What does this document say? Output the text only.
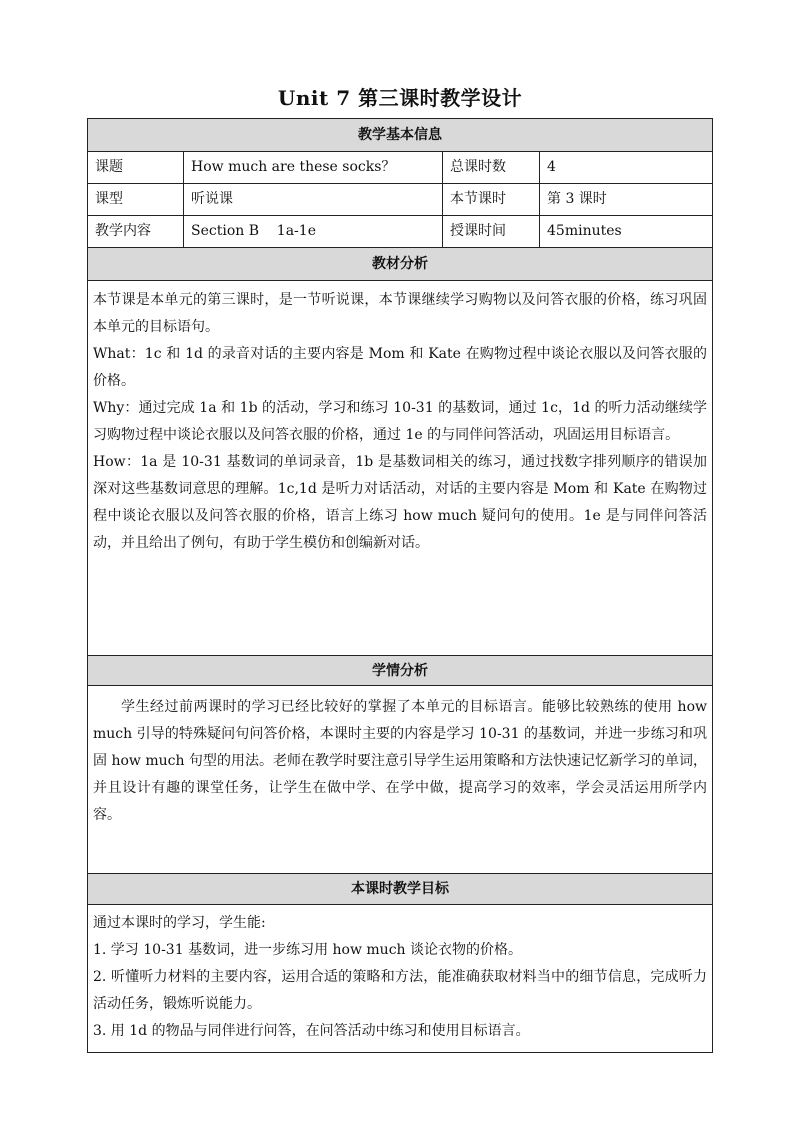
Unit 7 第三课时教学设计
教学基本信息
课题	How much are these socks？	总课时数	4
课型	听说课	本节课时	第 3 课时
教学内容	Section B    1a-1e	授课时间	45minutes
教材分析

本节课是本单元的第三课时，是一节听说课，本节课继续学习购物以及问答衣服的价格，练习巩固本单元的目标语句。

What：1c 和 1d 的录音对话的主要内容是 Mom 和 Kate 在购物过程中谈论衣服以及问答衣服的价格。

Why：通过完成 1a 和 1b 的活动，学习和练习 10-31 的基数词，通过 1c，1d 的听力活动继续学习购物过程中谈论衣服以及问答衣服的价格，通过 1e 的与同伴问答活动，巩固运用目标语言。

How：1a 是 10-31 基数词的单词录音，1b 是基数词相关的练习，通过找数字排列顺序的错误加深对这些基数词意思的理解。1c,1d 是听力对话活动，对话的主要内容是 Mom 和 Kate 在购物过程中谈论衣服以及问答衣服的价格，语言上练习 how much 疑问句的使用。1e 是与同伴问答活动，并且给出了例句，有助于学生模仿和创编新对话。

学情分析

学生经过前两课时的学习已经比较好的掌握了本单元的目标语言。能够比较熟练的使用 how much 引导的特殊疑问句问答价格，本课时主要的内容是学习 10-31 的基数词，并进一步练习和巩固 how much 句型的用法。老师在教学时要注意引导学生运用策略和方法快速记忆新学习的单词，并且设计有趣的课堂任务，让学生在做中学、在学中做，提高学习的效率，学会灵活运用所学内容。

本课时教学目标

通过本课时的学习，学生能:

1. 学习 10-31 基数词，进一步练习用 how much 谈论衣物的价格。

2. 听懂听力材料的主要内容，运用合适的策略和方法，能准确获取材料当中的细节信息，完成听力活动任务，锻炼听说能力。

3. 用 1d 的物品与同伴进行问答，在问答活动中练习和使用目标语言。
